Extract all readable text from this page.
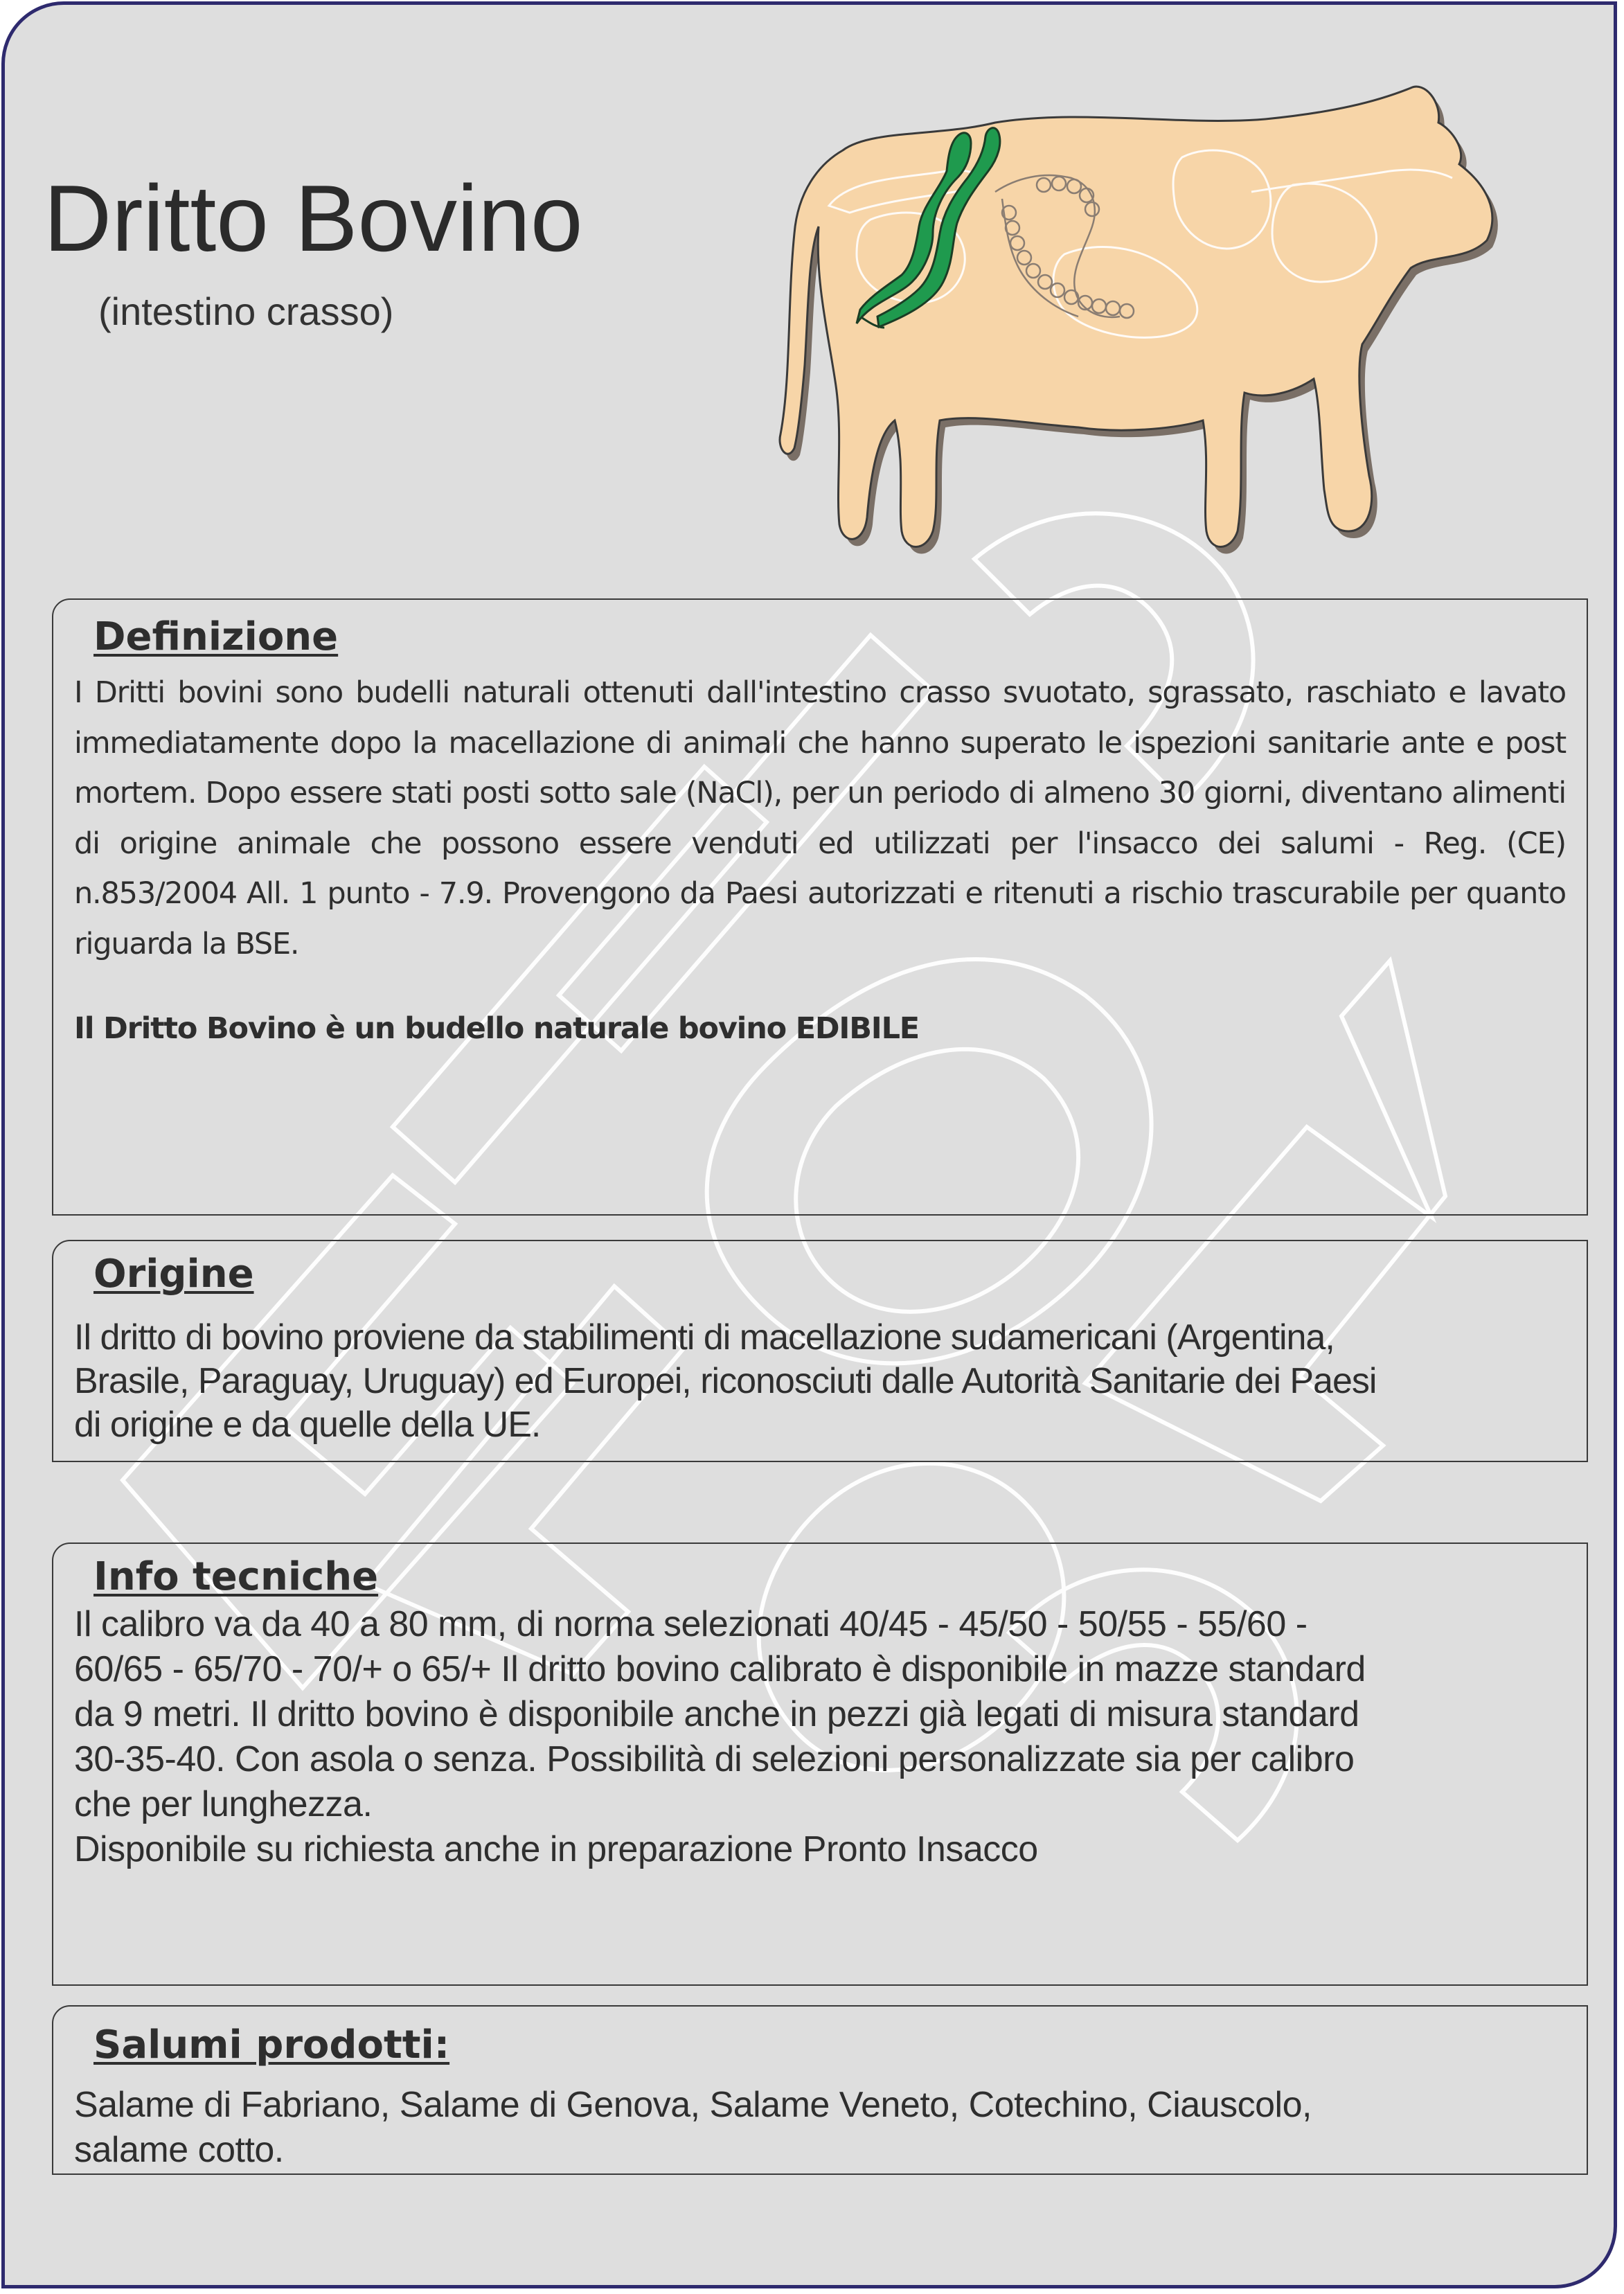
Dritto Bovino
(intestino crasso)
Definizione

I Dritti bovini sono budelli naturali ottenuti dall'intestino crasso svuotato, sgrassato, raschiato e lavato immediatamente dopo la macellazione di animali che hanno superato le ispezioni sanitarie ante e post mortem. Dopo essere stati posti sotto sale (NaCl), per un periodo di almeno 30 giorni, diventano alimenti di origine animale che possono essere venduti ed utilizzati per l'insacco dei salumi - Reg. (CE) n.853/2004 All. 1 punto - 7.9. Provengono da Paesi autorizzati e ritenuti a rischio trascurabile per quanto riguarda la BSE.

Il Dritto Bovino è un budello naturale bovino EDIBILE
Origine
Il dritto di bovino proviene da stabilimenti di macellazione sudamericani (Argentina,
Brasile, Paraguay, Uruguay) ed Europei, riconosciuti dalle Autorità Sanitarie dei Paesi
di origine e da quelle della UE.
Info tecniche
Il calibro va da 40 a 80 mm, di norma selezionati 40/45 - 45/50 - 50/55 - 55/60 -
60/65 - 65/70 - 70/+ o 65/+ Il dritto bovino calibrato è disponibile in mazze standard
da 9 metri. Il dritto bovino è disponibile anche in pezzi già legati di misura standard
30-35-40. Con asola o senza. Possibilità di selezioni personalizzate sia per calibro
che per lunghezza.
Disponibile su richiesta anche in preparazione Pronto Insacco
Salumi prodotti:
Salame di Fabriano, Salame di Genova, Salame Veneto, Cotechino, Ciauscolo,
salame cotto.
